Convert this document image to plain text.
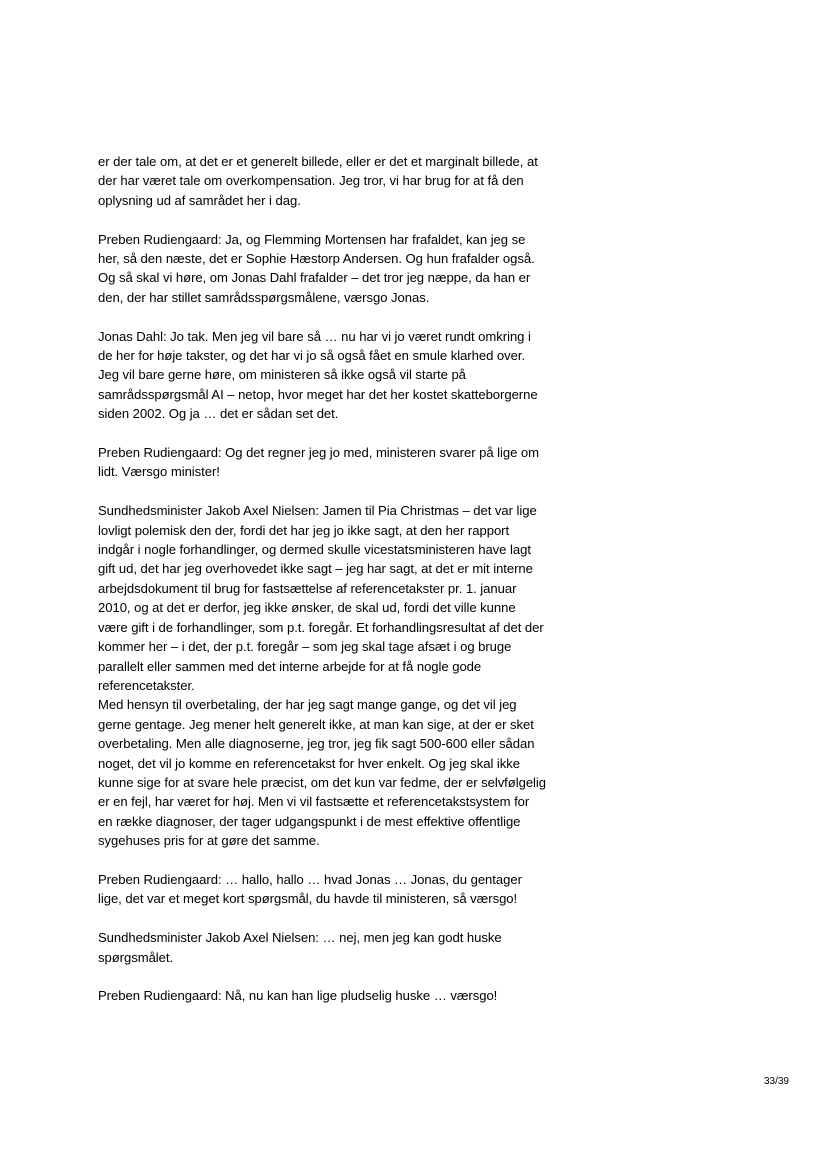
er der tale om, at det er et generelt billede, eller er det et marginalt billede, at
der har været tale om overkompensation. Jeg tror, vi har brug for at få den
oplysning ud af samrådet her i dag.

Preben Rudiengaard: Ja, og Flemming Mortensen har frafaldet, kan jeg se
her, så den næste, det er Sophie Hæstorp Andersen. Og hun frafalder også.
Og så skal vi høre, om Jonas Dahl frafalder – det tror jeg næppe, da han er
den, der har stillet samrådsspørgsmålene, værsgo Jonas.

Jonas Dahl: Jo tak. Men jeg vil bare så … nu har vi jo været rundt omkring i
de her for høje takster, og det har vi jo så også fået en smule klarhed over.
Jeg vil bare gerne høre, om ministeren så ikke også vil starte på
samrådsspørgsmål AI – netop, hvor meget har det her kostet skatteborgerne
siden 2002. Og ja … det er sådan set det.

Preben Rudiengaard: Og det regner jeg jo med, ministeren svarer på lige om
lidt. Værsgo minister!

Sundhedsminister Jakob Axel Nielsen: Jamen til Pia Christmas – det var lige
lovligt polemisk den der, fordi det har jeg jo ikke sagt, at den her rapport
indgår i nogle forhandlinger, og dermed skulle vicestatsministeren have lagt
gift ud, det har jeg overhovedet ikke sagt – jeg har sagt, at det er mit interne
arbejdsdokument til brug for fastsættelse af referencetakster pr. 1. januar
2010, og at det er derfor, jeg ikke ønsker, de skal ud, fordi det ville kunne
være gift i de forhandlinger, som p.t. foregår. Et forhandlingsresultat af det der
kommer her – i det, der p.t. foregår – som jeg skal tage afsæt i og bruge
parallelt eller sammen med det interne arbejde for at få nogle gode
referencetakster.

Med hensyn til overbetaling, der har jeg sagt mange gange, og det vil jeg
gerne gentage. Jeg mener helt generelt ikke, at man kan sige, at der er sket
overbetaling. Men alle diagnoserne, jeg tror, jeg fik sagt 500-600 eller sådan
noget, det vil jo komme en referencetakst for hver enkelt. Og jeg skal ikke
kunne sige for at svare hele præcist, om det kun var fedme, der er selvfølgelig
er en fejl, har været for høj. Men vi vil fastsætte et referencetakstsystem for
en række diagnoser, der tager udgangspunkt i de mest effektive offentlige
sygehuses pris for at gøre det samme.

Preben Rudiengaard: … hallo, hallo … hvad Jonas … Jonas, du gentager
lige, det var et meget kort spørgsmål, du havde til ministeren, så værsgo!

Sundhedsminister Jakob Axel Nielsen: … nej, men jeg kan godt huske
spørgsmålet.

Preben Rudiengaard: Nå, nu kan han lige pludselig huske … værsgo!

33/39
